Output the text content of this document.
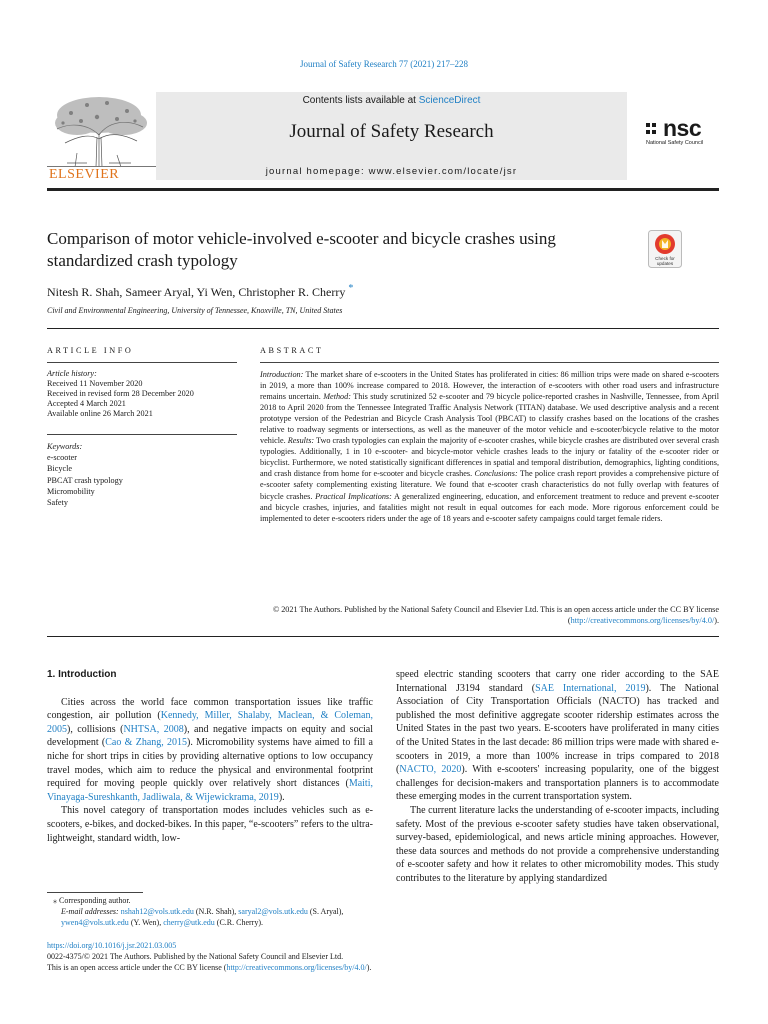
Journal of Safety Research 77 (2021) 217–228
ELSEVIER
Contents lists available at ScienceDirect
Journal of Safety Research
journal homepage: www.elsevier.com/locate/jsr
nsc
National Safety Council
Comparison of motor vehicle-involved e-scooter and bicycle crashes using standardized crash typology	Check for
updates
Nitesh R. Shah, Sameer Aryal, Yi Wen, Christopher R. Cherry *
Civil and Environmental Engineering, University of Tennessee, Knoxville, TN, United States
ARTICLE INFO
Article history:
Received 11 November 2020
Received in revised form 28 December 2020
Accepted 4 March 2021
Available online 26 March 2021
Keywords:
e-scooter
Bicycle
PBCAT crash typology
Micromobility
Safety
ABSTRACT
Introduction: The market share of e-scooters in the United States has proliferated in cities: 86 million trips were made on shared e-scooters in 2019, a more than 100% increase compared to 2018. However, the interaction of e-scooters with other road users and infrastructure remains uncertain. Method: This study scrutinized 52 e-scooter and 79 bicycle police-reported crashes in Nashville, Tennessee, from April 2018 to April 2020 from the Tennessee Integrated Traffic Analysis Network (TITAN) database. We used descriptive analysis and a recent prototype version of the Pedestrian and Bicycle Crash Analysis Tool (PBCAT) to classify crashes based on the locations of the crashes relative to roadway segments or intersections, as well as the maneuver of the motor vehicle and e-scooter/bicycle relative to the motor vehicle. Results: Two crash typologies can explain the majority of e-scooter crashes, while bicycle crashes are distributed over several crash typologies. Additionally, 1 in 10 e-scooter- and bicycle-motor vehicle crashes leads to the injury or fatality of the e-scooter rider or bicyclist. Furthermore, we noted statistically significant differences in spatial and temporal distribution, demographics, lighting conditions, and crash distance from home for e-scooter and bicycle crashes. Conclusions: The police crash report provides a comprehensive picture of e-scooter safety complementing existing literature. We found that e-scooter crash characteristics do not fully overlap with features of bicycle crashes. Practical Implications: A generalized engineering, education, and enforcement treatment to reduce and prevent e-scooter and bicycle crashes, injuries, and fatalities might not result in equal outcomes for each mode. More rigorous enforcement could be implemented to deter e-scooters riders under the age of 18 years and e-scooter safety campaigns could target female riders.
© 2021 The Authors. Published by the National Safety Council and Elsevier Ltd. This is an open access article under the CC BY license (http://creativecommons.org/licenses/by/4.0/).

1. Introduction

Cities across the world face common transportation issues like traffic congestion, air pollution (Kennedy, Miller, Shalaby, Maclean, & Coleman, 2005), collisions (NHTSA, 2008), and negative impacts on equity and social development (Cao & Zhang, 2015). Micromobility systems have aimed to fill a niche for short trips in cities by providing alternative options to low occupancy travel modes, which aim to reduce the physical and environmental footprint required for moving people quickly over relatively short distances (Maiti, Vinayaga-Sureshkanth, Jadliwala, & Wijewickrama, 2019).

This novel category of transportation modes includes vehicles such as e-scooters, e-bikes, and docked-bikes. In this paper, “e-scooters” refers to the ultra-lightweight, standard width, low-

speed electric standing scooters that carry one rider according to the SAE International J3194 standard (SAE International, 2019). The National Association of City Transportation Officials (NACTO) has tracked and published the most definitive aggregate scooter ridership estimates across the United States in the past two years. E-scooters have proliferated in many cities of the United States in the last decade: 86 million trips were made with shared e-scooters in 2019, a more than 100% increase in trips compared to 2018 (NACTO, 2020). With e-scooters' increasing popularity, one of the biggest challenges for decision-makers and transportation planners is to accommodate these emerging modes in the current transportation system.

The current literature lacks the understanding of e-scooter impacts, including safety. Most of the previous e-scooter safety studies have taken observational, survey-based, epidemiological, and news article mining approaches. However, these data sources and methods do not provide a comprehensive understanding of e-scooter safety and how it relates to other micromobility modes. This study contributes to the literature by applying standardized

⁎ Corresponding author.
E-mail addresses: nshah12@vols.utk.edu (N.R. Shah), saryal2@vols.utk.edu (S. Aryal), ywen4@vols.utk.edu (Y. Wen), cherry@utk.edu (C.R. Cherry).
https://doi.org/10.1016/j.jsr.2021.03.005
0022-4375/© 2021 The Authors. Published by the National Safety Council and Elsevier Ltd.
This is an open access article under the CC BY license (http://creativecommons.org/licenses/by/4.0/).
